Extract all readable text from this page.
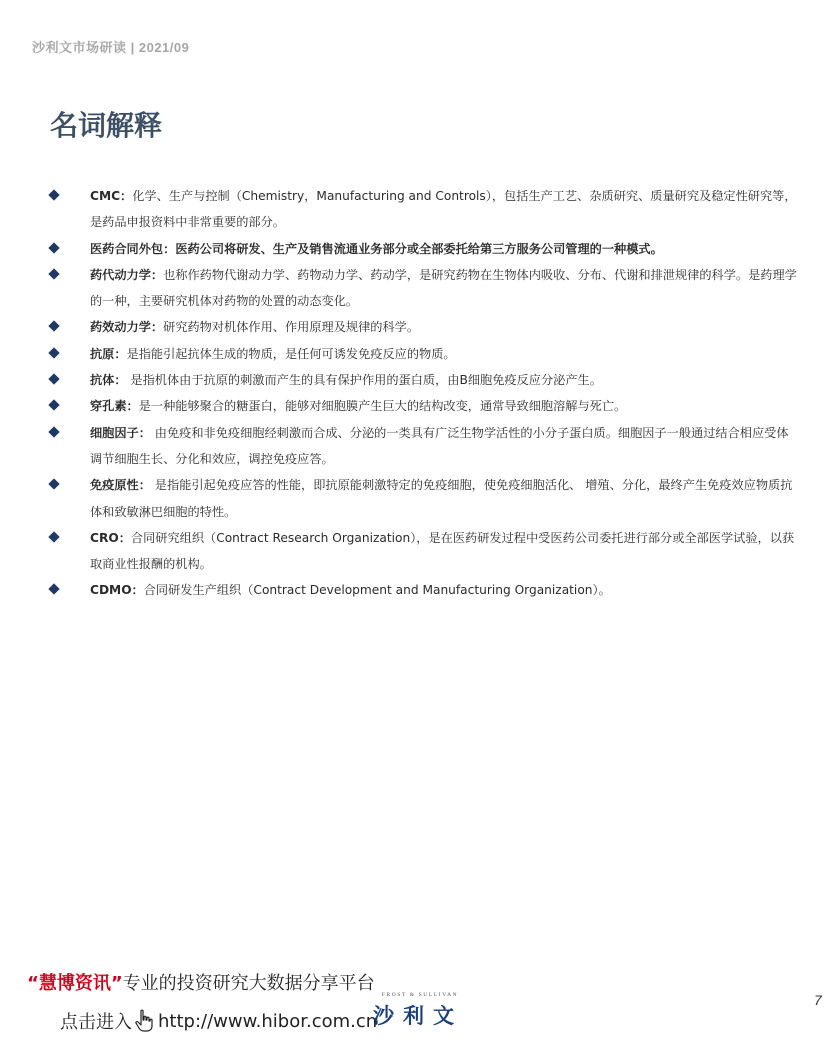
沙利文市场研读 | 2021/09
名词解释
CMC：化学、生产与控制（Chemistry，Manufacturing and Controls），包括生产工艺、杂质研究、质量研究及稳定性研究等，是药品申报资料中非常重要的部分。
医药合同外包：医药公司将研发、生产及销售流通业务部分或全部委托给第三方服务公司管理的一种模式。
药代动力学：也称作药物代谢动力学、药物动力学、药动学，是研究药物在生物体内吸收、分布、代谢和排泄规律的科学。是药理学的一种，主要研究机体对药物的处置的动态变化。
药效动力学：研究药物对机体作用、作用原理及规律的科学。
抗原：是指能引起抗体生成的物质，是任何可诱发免疫反应的物质。
抗体： 是指机体由于抗原的刺激而产生的具有保护作用的蛋白质，由B细胞免疫反应分泌产生。
穿孔素：是一种能够聚合的糖蛋白，能够对细胞膜产生巨大的结构改变，通常导致细胞溶解与死亡。
细胞因子： 由免疫和非免疫细胞经刺激而合成、分泌的一类具有广泛生物学活性的小分子蛋白质。细胞因子一般通过结合相应受体调节细胞生长、分化和效应，调控免疫应答。
免疫原性： 是指能引起免疫应答的性能，即抗原能刺激特定的免疫细胞，使免疫细胞活化、 增殖、分化，最终产生免疫效应物质抗体和致敏淋巴细胞的特性。
CRO：合同研究组织（Contract Research Organization），是在医药研发过程中受医药公司委托进行部分或全部医学试验，以获取商业性报酬的机构。
CDMO：合同研发生产组织（Contract Development and Manufacturing Organization）。
“慧博资讯”专业的投资研究大数据分享平台
点击进入 http://www.hibor.com.cn
FROST & SULLIVAN
沙利文
7
